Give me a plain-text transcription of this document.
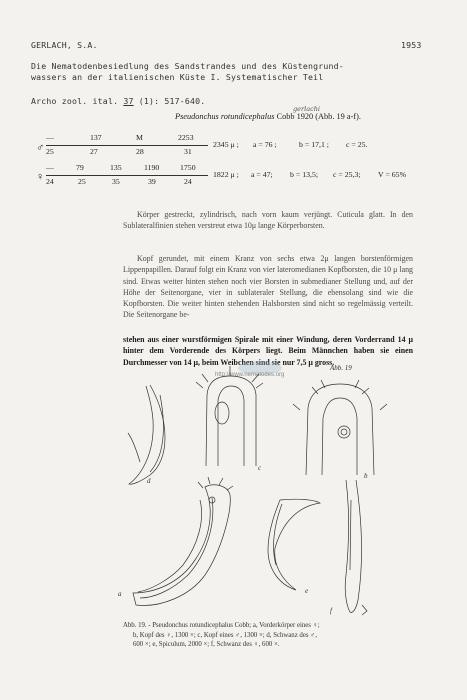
GERLACH, S.A.	1953
Die Nematodenbesiedlung des Sandstrandes und des Küstengrund-
wassers an der italienischen Küste I. Systematischer Teil
Archo zool. ital. 37 (1): 517-640.
gerlachi
Pseudonchus rotundicephalus Cobb 1920 (Abb. 19 a-f).
♂
—	137	M	2253
25	27	28	31
2345 μ ; a = 76 ;	b = 17,1 ; c = 25.
♀
—	79	135	1190	1750
24	25	35	39	24
1822 μ ; a = 47; b = 13,5; c = 25,3; V = 65%
Körper gestreckt, zylindrisch, nach vorn kaum verjüngt. Cuticula glatt. In den Sublateralfinien stehen verstreut etwa 10μ lange Körperborsten.
Kopf gerundet, mit einem Kranz von sechs etwa 2μ langen borstenförmigen Lippenpapillen. Darauf folgt ein Kranz von vier lateromedianen Kopfborsten, die 10 μ lang sind. Etwas weiter hinten stehen noch vier Borsten in submedianer Stellung und, auf der Höhe der Seitenorgane, vier in sublateraler Stellung, die ebensolang sind wie die Kopfborsten. Die weiter hinten stehenden Halsborsten sind nicht so regelmässig verteilt. Die Seitenorgane be-
stehen aus einer wurstförmigen Spirale mit einer Windung, deren Vorderrand 14 μ hinter dem Vorderende des Körpers liegt. Beim Männchen haben sie einen Durchmesser von 14 μ, beim Weibchen sind sie nur 7,5 μ gross.
http://www.nematodes.org
d
c
Abb. 19
b
e
a
f
Abb. 19. - Pseudonchus rotundicephalus Cobb; a, Vorderkörper eines ♀;
b, Kopf des ♀, 1300 ×; c, Kopf eines ♂, 1300 ×; d, Schwanz des ♂,
600 ×; e, Spiculum, 2000 ×; f, Schwanz des ♀, 600 ×.
